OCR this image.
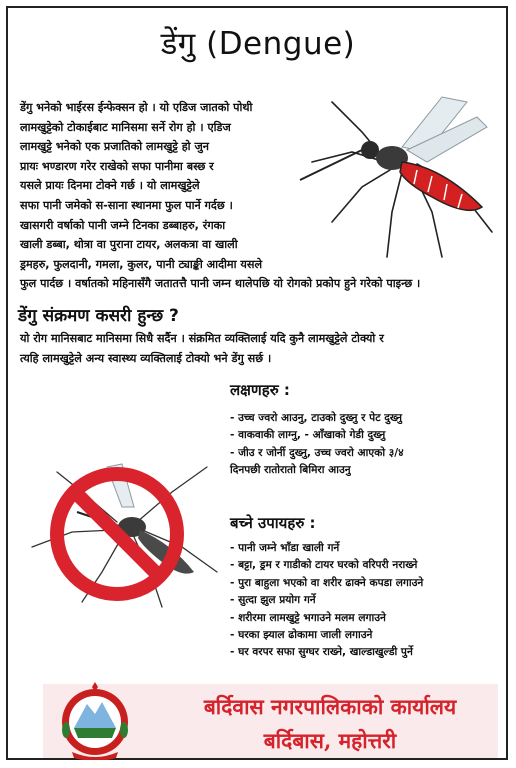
डेंगु (Dengue)
डेंगु भनेको भाईरस ईन्फेक्सन हो । यो एडिज जातको पोथी
लामखुट्टेको टोकाईबाट मानिसमा सर्ने रोग हो । एडिज
लामखुट्टे भनेको एक प्रजातिको लामखुट्टे हो जुन
प्रायः भण्डारण गरेर राखेको सफा पानीमा बस्छ र
यसले प्रायः दिनमा टोक्ने गर्छ । यो लामखुट्टेले
सफा पानी जमेको स-साना स्थानमा फुल पार्ने गर्दछ ।
खासगरी वर्षाको पानी जम्ने टिनका डब्बाहरु, रंगका
खाली डब्बा, थोत्रा वा पुराना टायर, अलकत्रा वा खाली
ड्रमहरु, फुलदानी, गमला, कुलर, पानी ट्याङ्की आदीमा यसले
फुल पार्दछ । वर्षातको महिनासँगै जतातत्तै पानी जम्न थालेपछि यो रोगको प्रकोप हुने गरेको पाइन्छ ।
डेंगु संक्रमण कसरी हुन्छ ?
यो रोग मानिसबाट मानिसमा सिधै सर्दैन । संक्रमित व्यक्तिलाई यदि कुनै लामखुट्टेले टोक्यो र
त्यहि लामखुट्टेले अन्य स्वास्थ्य व्यक्तिलाई टोक्यो भने डेंगु सर्छ ।
लक्षणहरु :
- उच्च ज्वरो आउनु, टाउको दुख्नु र पेट दुख्नु
- वाकवाकी लाग्नु, - आँखाको गेडी दुख्नु
- जीउ र जोर्नी दुख्नु, उच्च ज्वरो आएको ३/४
दिनपछी रातोरातो बिमिरा आउनु
बच्ने उपायहरु :
- पानी जम्ने भाँडा खाली गर्ने
- बट्टा, ड्रम र गाडीको टायर घरको वरिपरी नराख्ने
- पुरा बाहुला भएको वा शरीर ढाक्ने कपडा लगाउने
- सुत्दा झुल प्रयोग गर्ने
- शरीरमा लामखुट्टे भगाउने मलम लगाउने
- घरका झ्याल ढोकामा जाली लगाउने
- घर वरपर सफा सुग्घर राख्ने, खाल्डाखुल्डी पुर्ने
बर्दिवास नगरपालिकाको कार्यालय
बर्दिबास, महोत्तरी
